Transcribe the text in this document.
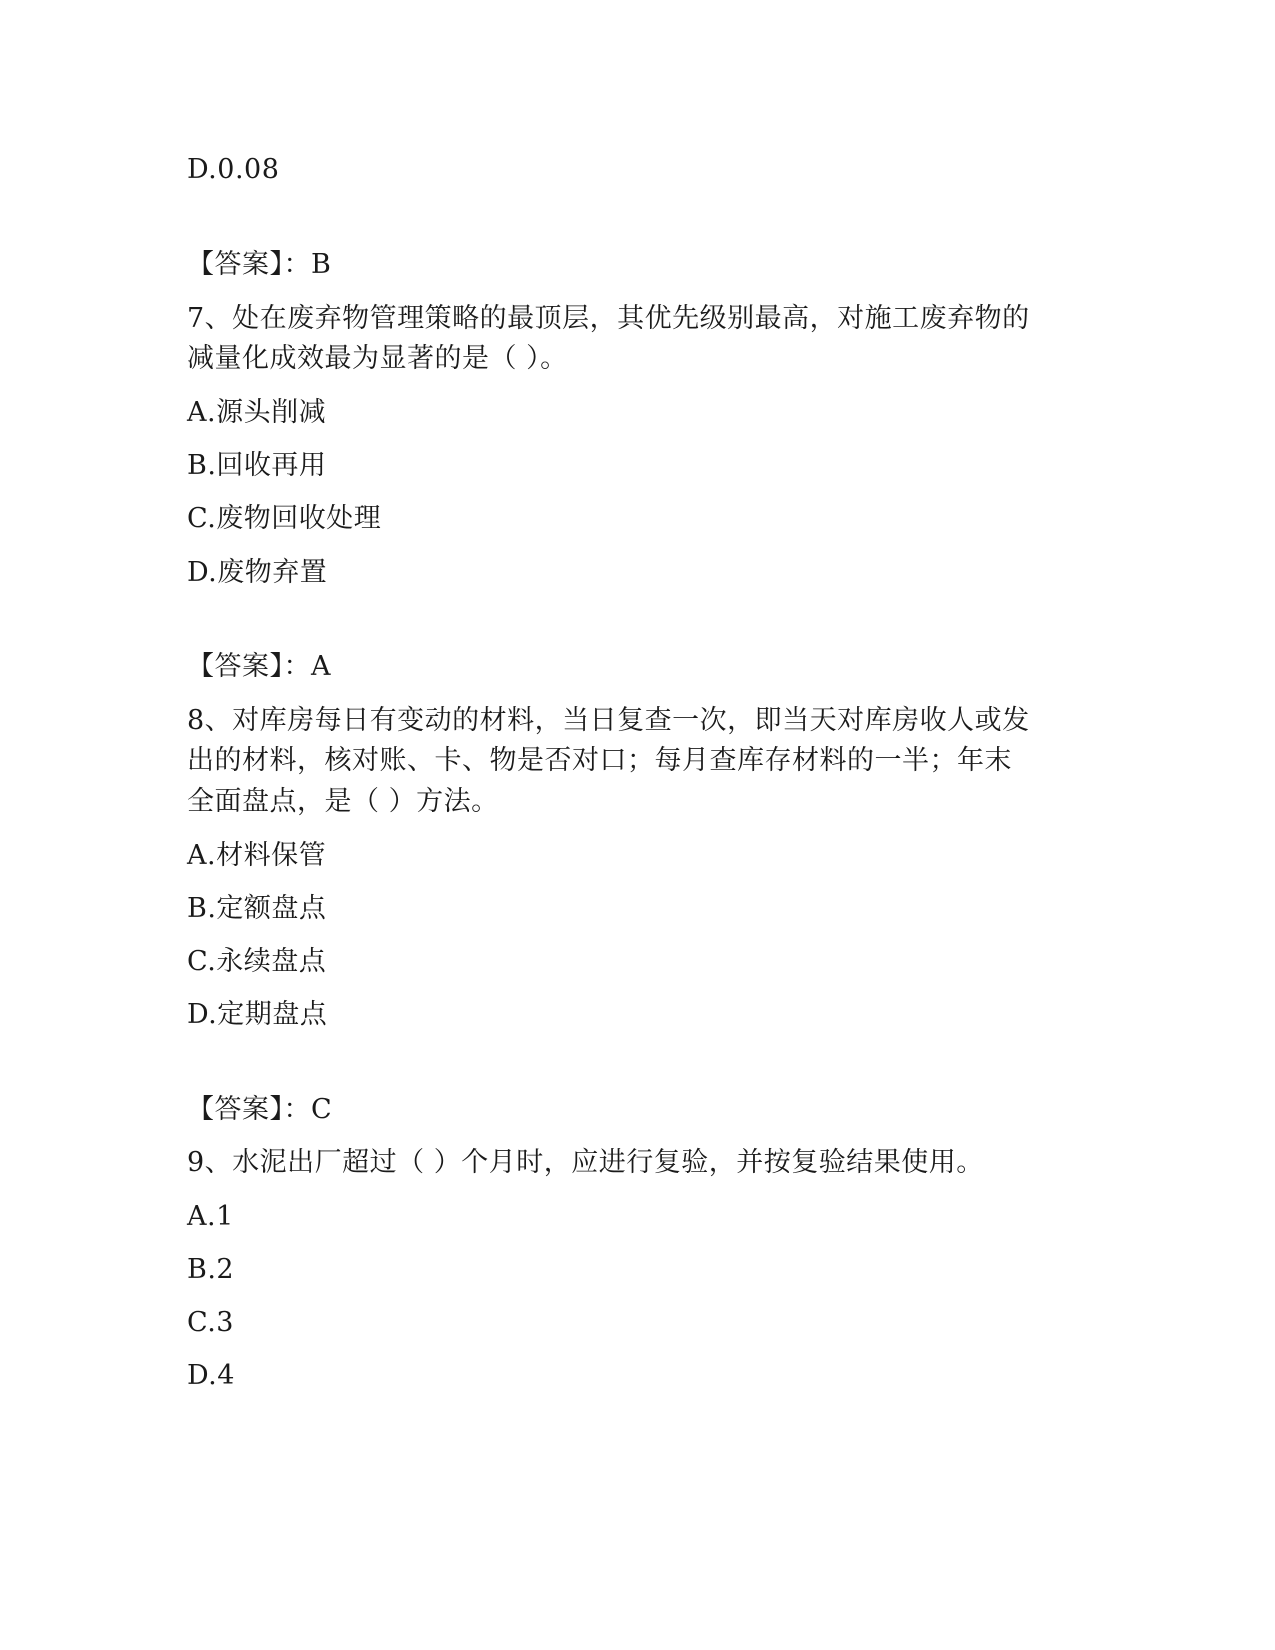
D.0.08
【答案】：B
7、处在废弃物管理策略的最顶层，其优先级别最高，对施工废弃物的
减量化成效最为显著的是（ ）。
A.源头削减
B.回收再用
C.废物回收处理
D.废物弃置
【答案】：A
8、对库房每日有变动的材料，当日复查一次，即当天对库房收人或发
出的材料，核对账、卡、物是否对口；每月查库存材料的一半；年末
全面盘点，是（ ）方法。
A.材料保管
B.定额盘点
C.永续盘点
D.定期盘点
【答案】：C
9、水泥出厂超过（ ）个月时，应进行复验，并按复验结果使用。
A.1
B.2
C.3
D.4
